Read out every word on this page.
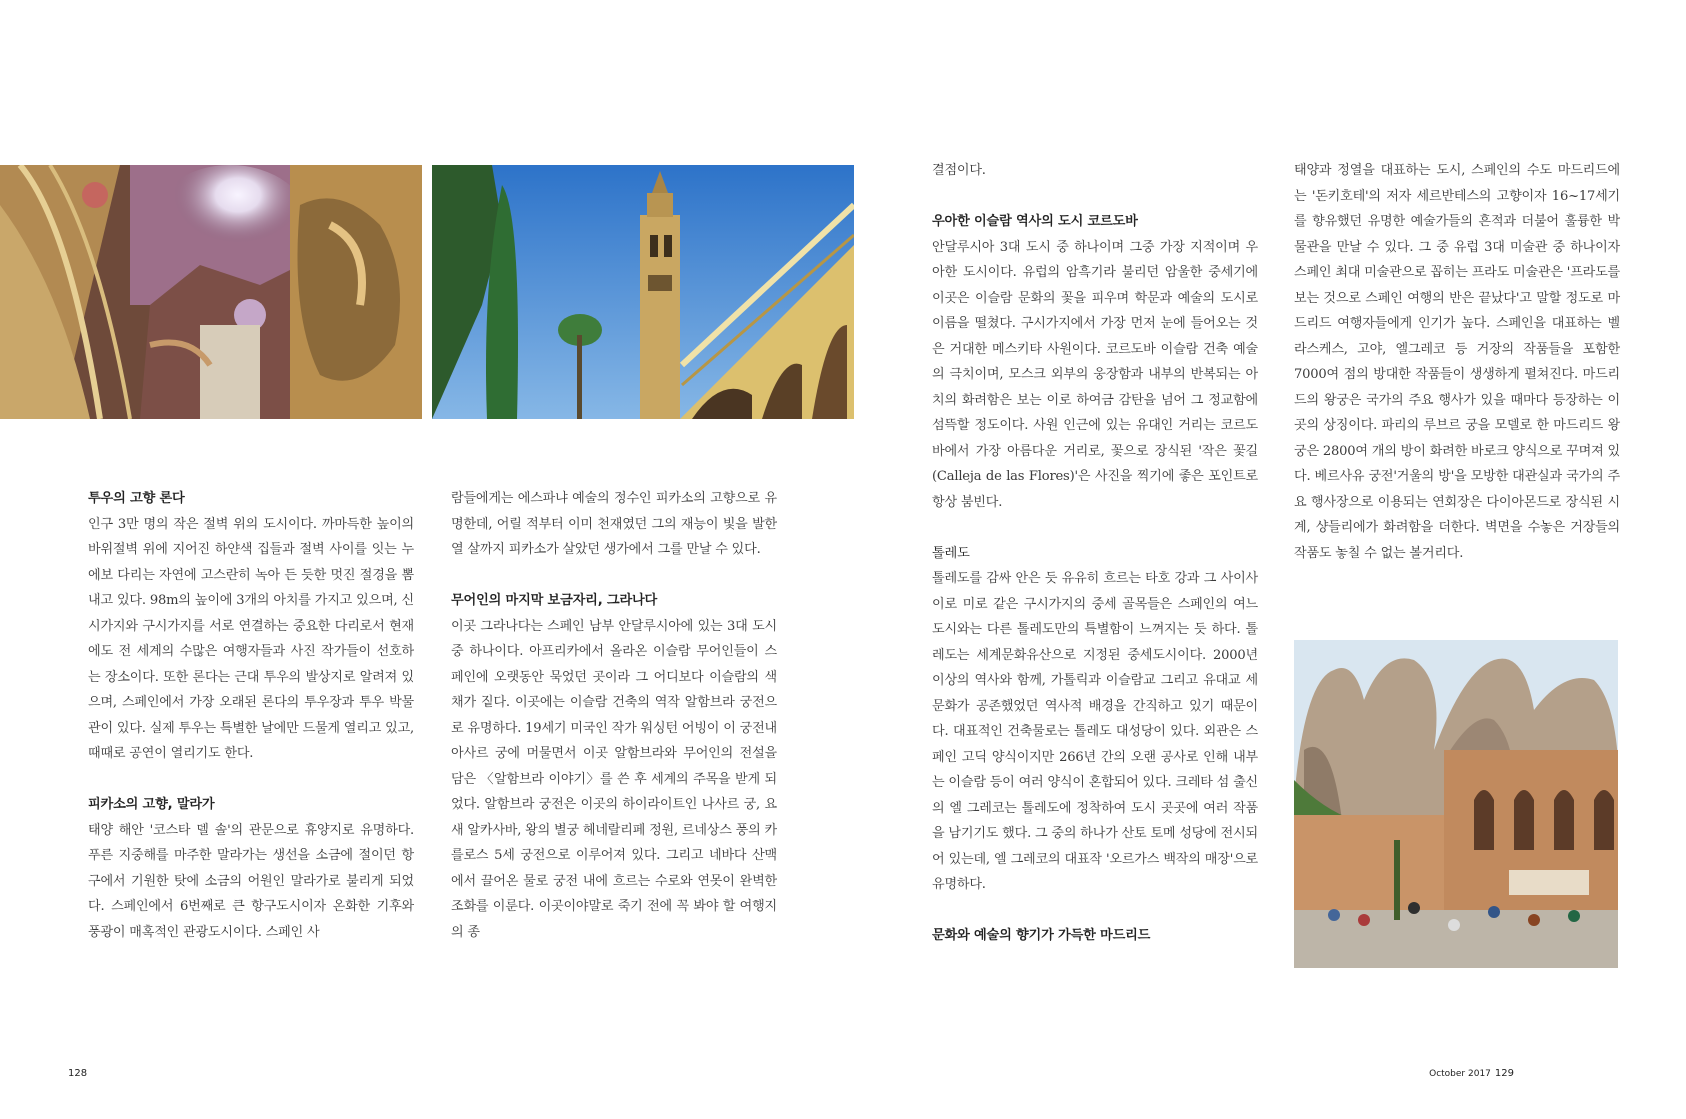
투우의 고향 론다

인구 3만 명의 작은 절벽 위의 도시이다. 까마득한 높이의 바위절벽 위에 지어진 하얀색 집들과 절벽 사이를 잇는 누에보 다리는 자연에 고스란히 녹아 든 듯한 멋진 절경을 뽐내고 있다. 98m의 높이에 3개의 아치를 가지고 있으며, 신시가지와 구시가지를 서로 연결하는 중요한 다리로서 현재에도 전 세계의 수많은 여행자들과 사진 작가들이 선호하는 장소이다. 또한 론다는 근대 투우의 발상지로 알려져 있으며, 스페인에서 가장 오래된 론다의 투우장과 투우 박물관이 있다. 실제 투우는 특별한 날에만 드물게 열리고 있고, 때때로 공연이 열리기도 한다.

피카소의 고향, 말라가

태양 해안 '코스타 델 솔'의 관문으로 휴양지로 유명하다. 푸른 지중해를 마주한 말라가는 생선을 소금에 절이던 항구에서 기원한 탓에 소금의 어원인 말라가로 불리게 되었다. 스페인에서 6번째로 큰 항구도시이자 온화한 기후와 풍광이 매혹적인 관광도시이다. 스페인 사

람들에게는 에스파냐 예술의 정수인 피카소의 고향으로 유명한데, 어릴 적부터 이미 천재였던 그의 재능이 빛을 발한 열 살까지 피카소가 살았던 생가에서 그를 만날 수 있다.

무어인의 마지막 보금자리, 그라나다

이곳 그라나다는 스페인 남부 안달루시아에 있는 3대 도시 중 하나이다. 아프리카에서 올라온 이슬람 무어인들이 스페인에 오랫동안 묵었던 곳이라 그 어디보다 이슬람의 색채가 짙다. 이곳에는 이슬람 건축의 역작 알함브라 궁전으로 유명하다. 19세기 미국인 작가 워싱턴 어빙이 이 궁전내 아사르 궁에 머물면서 이곳 알함브라와 무어인의 전설을 담은 〈알함브라 이야기〉를 쓴 후 세계의 주목을 받게 되었다. 알함브라 궁전은 이곳의 하이라이트인 나사르 궁, 요새 알카사바, 왕의 별궁 헤네랄리페 정원, 르네상스 풍의 카를로스 5세 궁전으로 이루어져 있다. 그리고 네바다 산맥에서 끌어온 물로 궁전 내에 흐르는 수로와 연못이 완벽한 조화를 이룬다. 이곳이야말로 죽기 전에 꼭 봐야 할 여행지의 종

결점이다.

우아한 이슬람 역사의 도시 코르도바

안달루시아 3대 도시 중 하나이며 그중 가장 지적이며 우아한 도시이다. 유럽의 암흑기라 불리던 암울한 중세기에 이곳은 이슬람 문화의 꽃을 피우며 학문과 예술의 도시로 이름을 떨쳤다. 구시가지에서 가장 먼저 눈에 들어오는 것은 거대한 메스키타 사원이다. 코르도바 이슬람 건축 예술의 극치이며, 모스크 외부의 웅장함과 내부의 반복되는 아치의 화려함은 보는 이로 하여금 감탄을 넘어 그 정교함에 섬뜩할 정도이다. 사원 인근에 있는 유대인 거리는 코르도바에서 가장 아름다운 거리로, 꽃으로 장식된 '작은 꽃길(Calleja de las Flores)'은 사진을 찍기에 좋은 포인트로 항상 붐빈다.

톨레도

톨레도를 감싸 안은 듯 유유히 흐르는 타호 강과 그 사이사이로 미로 같은 구시가지의 중세 골목들은 스페인의 여느 도시와는 다른 톨레도만의 특별함이 느껴지는 듯 하다. 톨레도는 세계문화유산으로 지정된 중세도시이다. 2000년 이상의 역사와 함께, 가톨릭과 이슬람교 그리고 유대교 세 문화가 공존했었던 역사적 배경을 간직하고 있기 때문이다. 대표적인 건축물로는 톨레도 대성당이 있다. 외관은 스페인 고딕 양식이지만 266년 간의 오랜 공사로 인해 내부는 이슬람 등이 여러 양식이 혼합되어 있다. 크레타 섬 출신의 엘 그레코는 톨레도에 정착하여 도시 곳곳에 여러 작품을 남기기도 했다. 그 중의 하나가 산토 토메 성당에 전시되어 있는데, 엘 그레코의 대표작 '오르가스 백작의 매장'으로 유명하다.

문화와 예술의 향기가 가득한 마드리드

태양과 정열을 대표하는 도시, 스페인의 수도 마드리드에는 '돈키호테'의 저자 세르반테스의 고향이자 16~17세기를 향유했던 유명한 예술가들의 흔적과 더불어 훌륭한 박물관을 만날 수 있다. 그 중 유럽 3대 미술관 중 하나이자 스페인 최대 미술관으로 꼽히는 프라도 미술관은 '프라도를 보는 것으로 스페인 여행의 반은 끝났다'고 말할 정도로 마드리드 여행자들에게 인기가 높다. 스페인을 대표하는 벨라스케스, 고야, 엘그레코 등 거장의 작품들을 포함한 7000여 점의 방대한 작품들이 생생하게 펼쳐진다. 마드리드의 왕궁은 국가의 주요 행사가 있을 때마다 등장하는 이곳의 상징이다. 파리의 루브르 궁을 모델로 한 마드리드 왕궁은 2800여 개의 방이 화려한 바로크 양식으로 꾸며져 있다. 베르사유 궁전'거울의 방'을 모방한 대관실과 국가의 주요 행사장으로 이용되는 연회장은 다이아몬드로 장식된 시계, 샹들리에가 화려함을 더한다. 벽면을 수놓은 거장들의 작품도 놓칠 수 없는 볼거리다.

128	October 2017 129
